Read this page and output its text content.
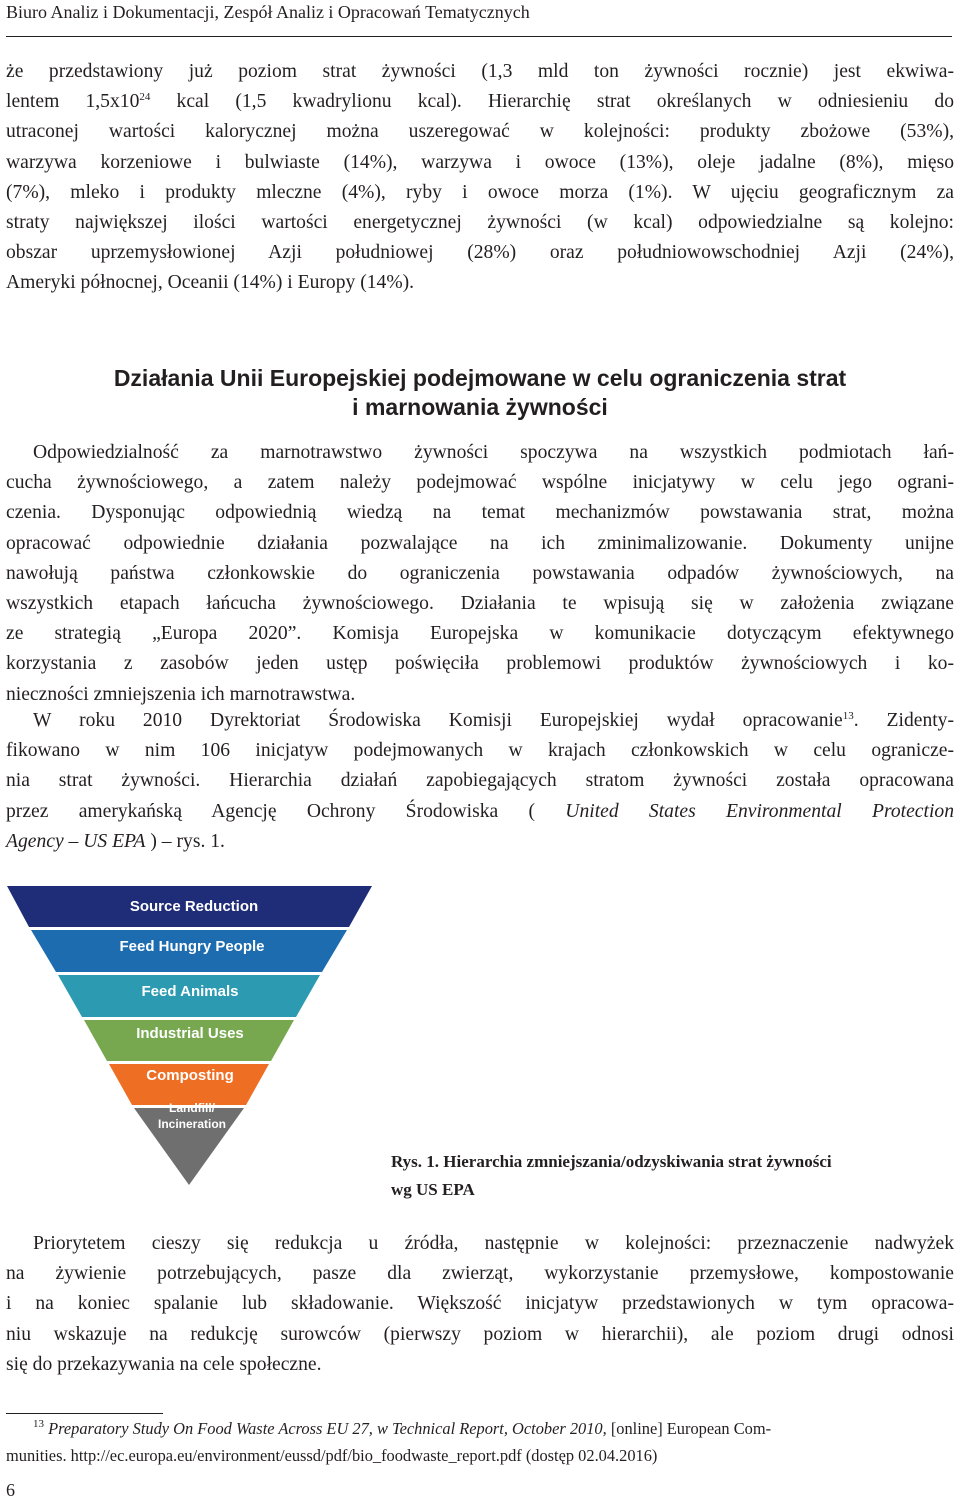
Biuro Analiz i Dokumentacji, Zespół Analiz i Opracowań Tematycznych
że przedstawiony już poziom strat żywności (1,3 mld ton żywności rocznie) jest ekwiwa-
lentem $1,5x10^{24}$ kcal (1,5 kwadrylionu kcal). Hierarchię strat określanych w odniesieniu do
utraconej wartości kalorycznej można uszeregować w kolejności: produkty zbożowe (53%),
warzywa korzeniowe i bulwiaste (14%), warzywa i owoce (13%), oleje jadalne (8%), mięso
(7%), mleko i produkty mleczne (4%), ryby i owoce morza (1%). W ujęciu geograficznym za
straty największej ilości wartości energetycznej żywności (w kcal) odpowiedzialne są kolejno:
obszar uprzemysłowionej Azji południowej (28%) oraz południowowschodniej Azji (24%),
Ameryki północnej, Oceanii (14%) i Europy (14%).
Działania Unii Europejskiej podejmowane w celu ograniczenia strat
i marnowania żywności
Odpowiedzialność za marnotrawstwo żywności spoczywa na wszystkich podmiotach łań-
cucha żywnościowego, a zatem należy podejmować wspólne inicjatywy w celu jego ograni-
czenia. Dysponując odpowiednią wiedzą na temat mechanizmów powstawania strat, można
opracować odpowiednie działania pozwalające na ich zminimalizowanie. Dokumenty unijne
nawołują państwa członkowskie do ograniczenia powstawania odpadów żywnościowych, na
wszystkich etapach łańcucha żywnościowego. Działania te wpisują się w założenia związane
ze strategią „Europa 2020”. Komisja Europejska w komunikacie dotyczącym efektywnego
korzystania z zasobów jeden ustęp poświęciła problemowi produktów żywnościowych i ko-
nieczności zmniejszenia ich marnotrawstwa.
W roku 2010 Dyrektoriat Środowiska Komisji Europejskiej wydał opracowanie$^{13}$. Zidenty-
fikowano w nim 106 inicjatyw podejmowanych w krajach członkowskich w celu ogranicze-
nia strat żywności. Hierarchia działań zapobiegających stratom żywności została opracowana
przez amerykańską Agencję Ochrony Środowiska ( United States Environmental Protection
Agency – US EPA ) – rys. 1.
Source Reduction
Feed Hungry People
Feed Animals
Industrial Uses
Composting
Landfill/
Incineration
Rys. 1. Hierarchia zmniejszania/odzyskiwania strat żywności
wg US EPA
Priorytetem cieszy się redukcja u źródła, następnie w kolejności: przeznaczenie nadwyżek
na żywienie potrzebujących, pasze dla zwierząt, wykorzystanie przemysłowe, kompostowanie
i na koniec spalanie lub składowanie. Większość inicjatyw przedstawionych w tym opracowa-
niu wskazuje na redukcję surowców (pierwszy poziom w hierarchii), ale poziom drugi odnosi
się do przekazywania na cele społeczne.
$^{13}$ Preparatory Study On Food Waste Across EU 27, w Technical Report, October 2010, [online] European Com-
munities. http://ec.europa.eu/environment/eussd/pdf/bio_foodwaste_report.pdf (dostęp 02.04.2016)
6
